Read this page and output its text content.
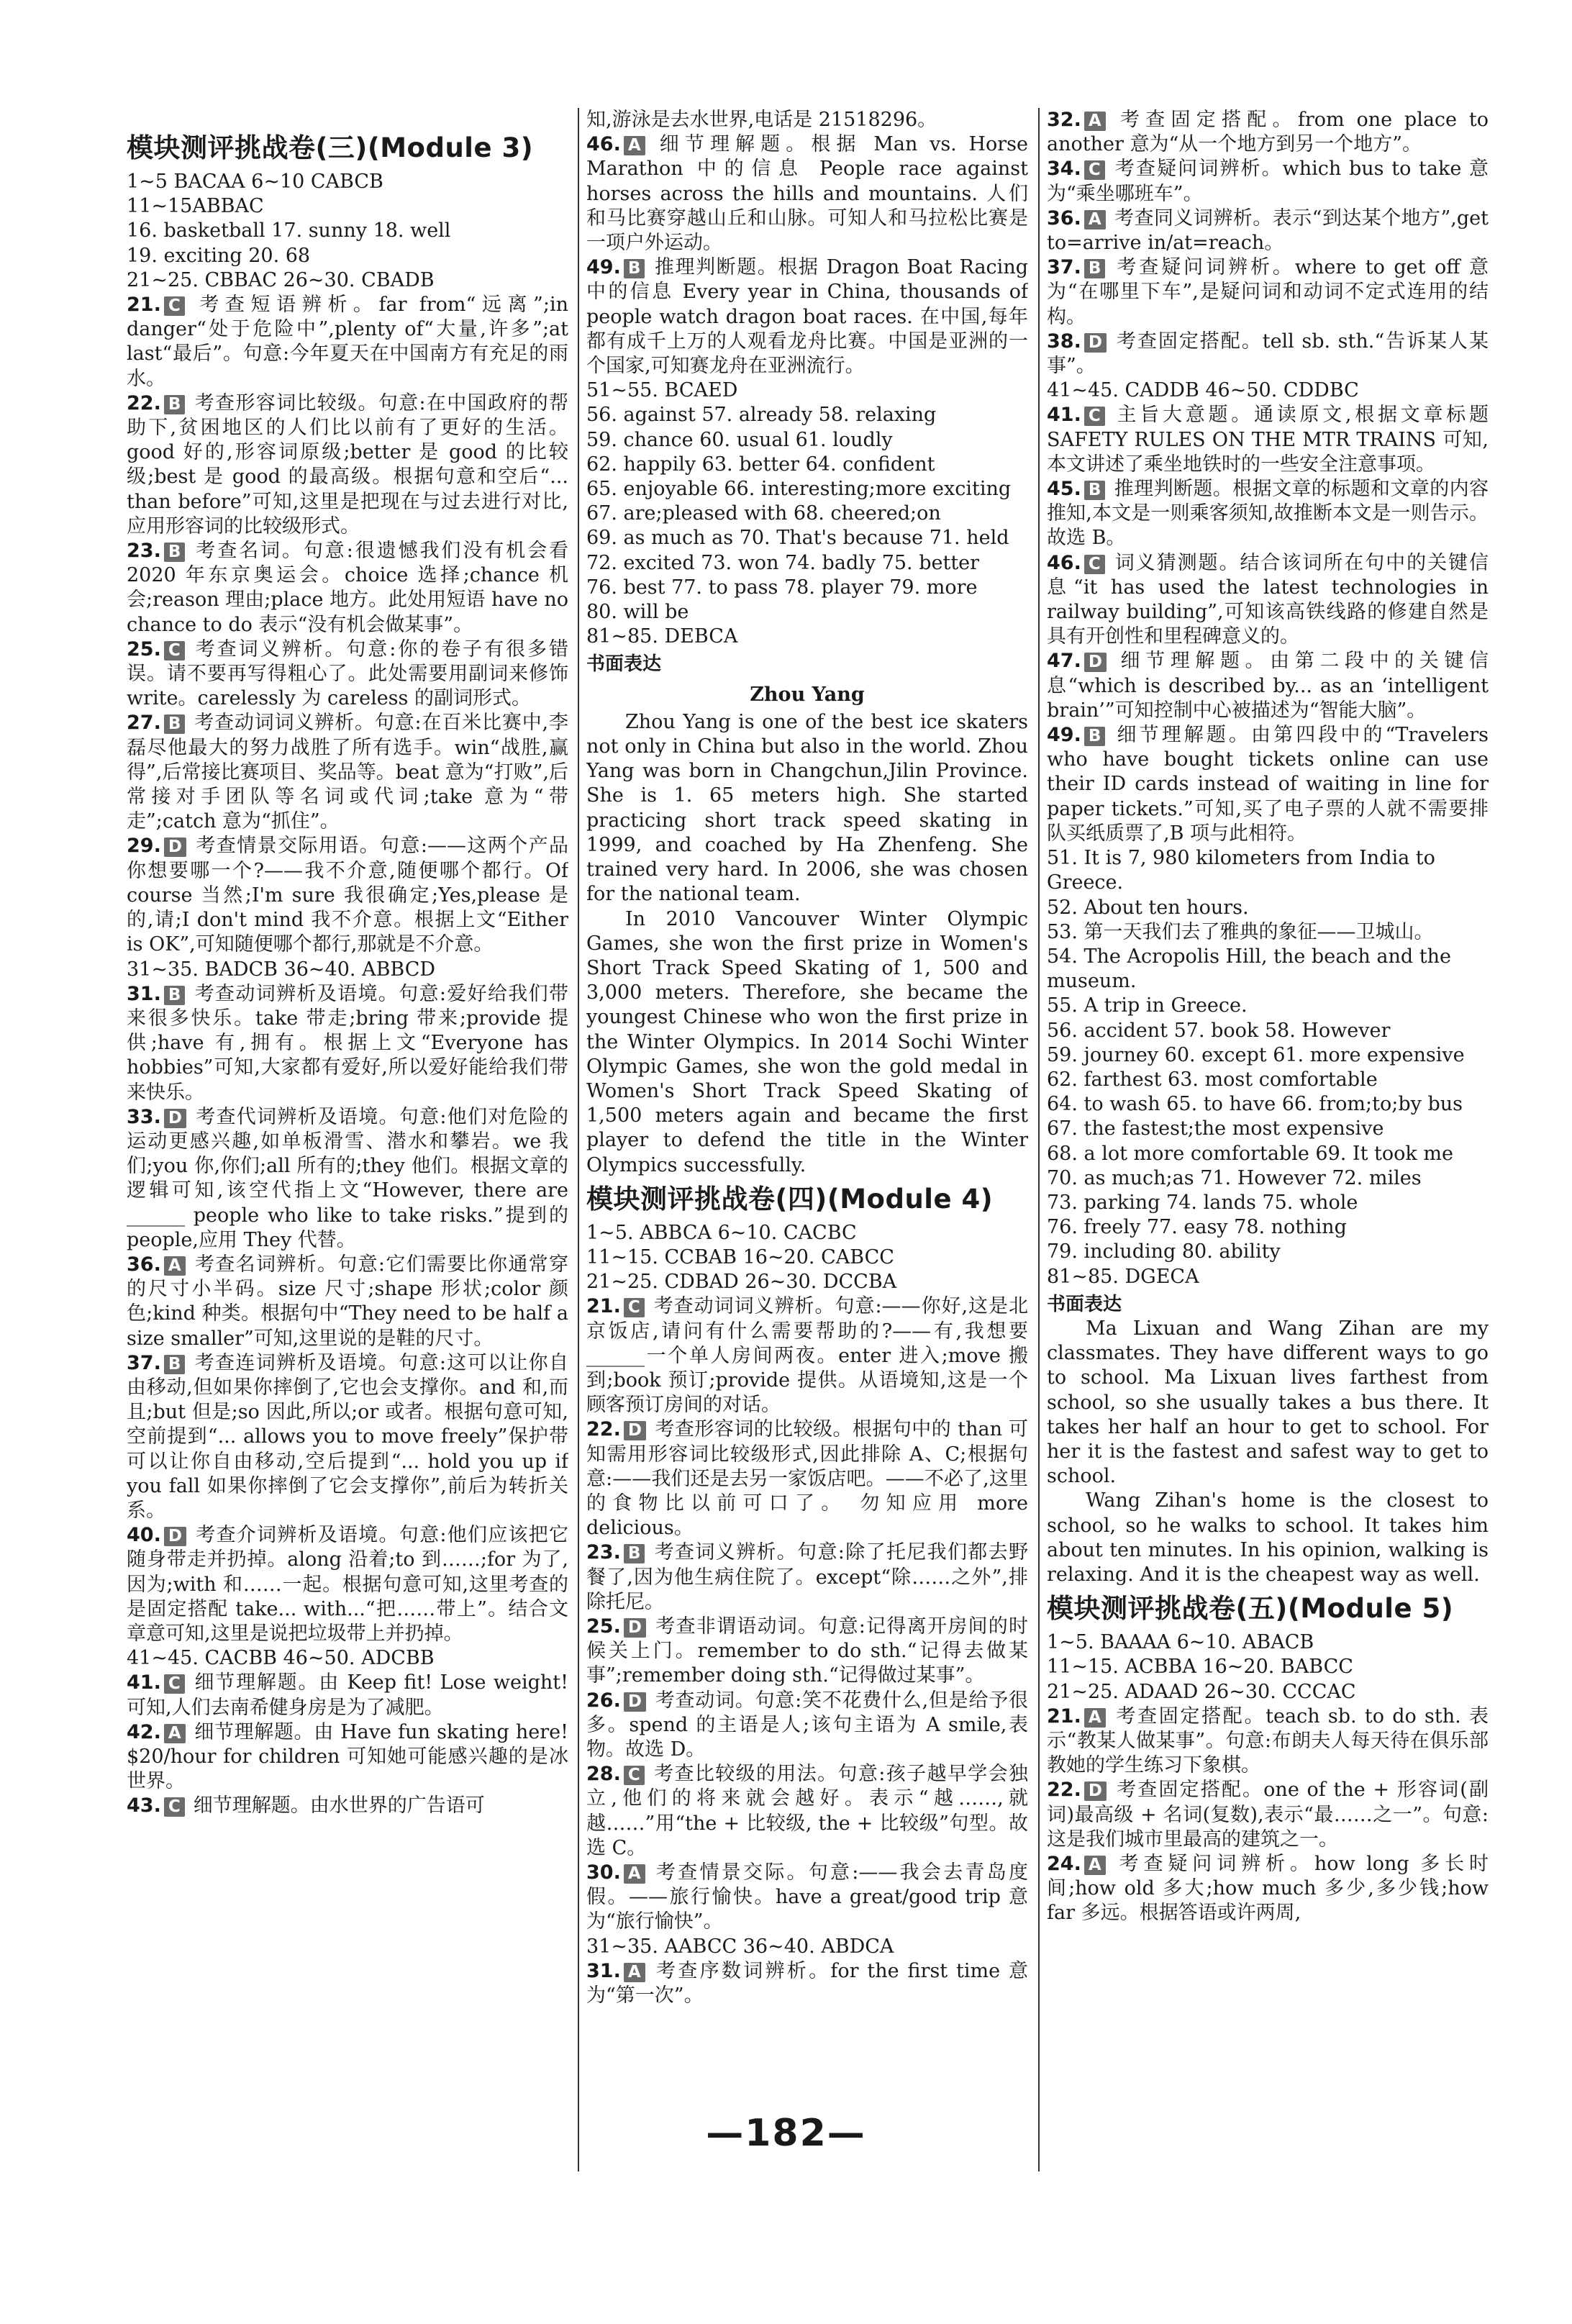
模块测评挑战卷(三)(Module 3)
1~5 BACAA 6~10 CABCB
11~15ABBAC
16. basketball 17. sunny 18. well
19. exciting 20. 68
21~25. CBBAC 26~30. CBADB
21. C 考查短语辨析。far from“远离”;in danger“处于危险中”,plenty of“大量,许多”;at last“最后”。句意:今年夏天在中国南方有充足的雨水。
22. B 考查形容词比较级。句意:在中国政府的帮助下,贫困地区的人们比以前有了更好的生活。good 好的,形容词原级;better 是 good 的比较级;best 是 good 的最高级。根据句意和空后“... than before”可知,这里是把现在与过去进行对比,应用形容词的比较级形式。
23. B 考查名词。句意:很遗憾我们没有机会看 2020 年东京奥运会。choice 选择;chance 机会;reason 理由;place 地方。此处用短语 have no chance to do 表示“没有机会做某事”。
25. C 考查词义辨析。句意:你的卷子有很多错误。请不要再写得粗心了。此处需要用副词来修饰 write。carelessly 为 careless 的副词形式。
27. B 考查动词词义辨析。句意:在百米比赛中,李磊尽他最大的努力战胜了所有选手。win“战胜,赢得”,后常接比赛项目、奖品等。beat 意为“打败”,后常接对手团队等名词或代词;take 意为“带走”;catch 意为“抓住”。
29. D 考查情景交际用语。句意:——这两个产品你想要哪一个?——我不介意,随便哪个都行。Of course 当然;I'm sure 我很确定;Yes,please 是的,请;I don't mind 我不介意。根据上文“Either is OK”,可知随便哪个都行,那就是不介意。
31~35. BADCB 36~40. ABBCD
31. B 考查动词辨析及语境。句意:爱好给我们带来很多快乐。take 带走;bring 带来;provide 提供;have 有,拥有。根据上文“Everyone has hobbies”可知,大家都有爱好,所以爱好能给我们带来快乐。
33. D 考查代词辨析及语境。句意:他们对危险的运动更感兴趣,如单板滑雪、潜水和攀岩。we 我们;you 你,你们;all 所有的;they 他们。根据文章的逻辑可知,该空代指上文“However, there are ______ people who like to take risks.”提到的 people,应用 They 代替。
36. A 考查名词辨析。句意:它们需要比你通常穿的尺寸小半码。size 尺寸;shape 形状;color 颜色;kind 种类。根据句中“They need to be half a size smaller”可知,这里说的是鞋的尺寸。
37. B 考查连词辨析及语境。句意:这可以让你自由移动,但如果你摔倒了,它也会支撑你。and 和,而且;but 但是;so 因此,所以;or 或者。根据句意可知,空前提到“... allows you to move freely”保护带可以让你自由移动,空后提到“... hold you up if you fall 如果你摔倒了它会支撑你”,前后为转折关系。
40. D 考查介词辨析及语境。句意:他们应该把它随身带走并扔掉。along 沿着;to 到……;for 为了,因为;with 和……一起。根据句意可知,这里考查的是固定搭配 take... with...“把……带上”。结合文章意可知,这里是说把垃圾带上并扔掉。
41~45. CACBB 46~50. ADCBB
41. C 细节理解题。由 Keep fit! Lose weight! 可知,人们去南希健身房是为了减肥。
42. A 细节理解题。由 Have fun skating here! $20/hour for children 可知她可能感兴趣的是冰世界。
43. C 细节理解题。由水世界的广告语可
知,游泳是去水世界,电话是 21518296。
46. A 细节理解题。根据 Man vs. Horse Marathon 中的信息 People race against horses across the hills and mountains. 人们和马比赛穿越山丘和山脉。可知人和马拉松比赛是一项户外运动。
49. B 推理判断题。根据 Dragon Boat Racing 中的信息 Every year in China, thousands of people watch dragon boat races. 在中国,每年都有成千上万的人观看龙舟比赛。中国是亚洲的一个国家,可知赛龙舟在亚洲流行。
51~55. BCAED
56. against 57. already 58. relaxing
59. chance 60. usual 61. loudly
62. happily 63. better 64. confident
65. enjoyable 66. interesting;more exciting
67. are;pleased with 68. cheered;on
69. as much as 70. That's because 71. held
72. excited 73. won 74. badly 75. better
76. best 77. to pass 78. player 79. more
80. will be
81~85. DEBCA
书面表达
Zhou Yang
Zhou Yang is one of the best ice skaters not only in China but also in the world. Zhou Yang was born in Changchun,Jilin Province. She is 1. 65 meters high. She started practicing short track speed skating in 1999, and coached by Ha Zhenfeng. She trained very hard. In 2006, she was chosen for the national team.
In 2010 Vancouver Winter Olympic Games, she won the first prize in Women's Short Track Speed Skating of 1, 500 and 3,000 meters. Therefore, she became the youngest Chinese who won the first prize in the Winter Olympics. In 2014 Sochi Winter Olympic Games, she won the gold medal in Women's Short Track Speed Skating of 1,500 meters again and became the first player to defend the title in the Winter Olympics successfully.
模块测评挑战卷(四)(Module 4)
1~5. ABBCA 6~10. CACBC
11~15. CCBAB 16~20. CABCC
21~25. CDBAD 26~30. DCCBA
21. C 考查动词词义辨析。句意:——你好,这是北京饭店,请问有什么需要帮助的?——有,我想要______一个单人房间两夜。enter 进入;move 搬到;book 预订;provide 提供。从语境知,这是一个顾客预订房间的对话。
22. D 考查形容词的比较级。根据句中的 than 可知需用形容词比较级形式,因此排除 A、C;根据句意:——我们还是去另一家饭店吧。——不必了,这里的食物比以前可口了。 勿知应用 more delicious。
23. B 考查词义辨析。句意:除了托尼我们都去野餐了,因为他生病住院了。except“除……之外”,排除托尼。
25. D 考查非谓语动词。句意:记得离开房间的时候关上门。remember to do sth.“记得去做某事”;remember doing sth.“记得做过某事”。
26. D 考查动词。句意:笑不花费什么,但是给予很多。spend 的主语是人;该句主语为 A smile,表物。故选 D。
28. C 考查比较级的用法。句意:孩子越早学会独立,他们的将来就会越好。表示“越……,就越……”用“the + 比较级, the + 比较级”句型。故选 C。
30. A 考查情景交际。句意:——我会去青岛度假。——旅行愉快。have a great/good trip 意为“旅行愉快”。
31~35. AABCC 36~40. ABDCA
31. A 考查序数词辨析。for the first time 意为“第一次”。
32. A 考查固定搭配。from one place to another 意为“从一个地方到另一个地方”。
34. C 考查疑问词辨析。which bus to take 意为“乘坐哪班车”。
36. A 考查同义词辨析。表示“到达某个地方”,get to=arrive in/at=reach。
37. B 考查疑问词辨析。where to get off 意为“在哪里下车”,是疑问词和动词不定式连用的结构。
38. D 考查固定搭配。tell sb. sth.“告诉某人某事”。
41~45. CADDB 46~50. CDDBC
41. C 主旨大意题。通读原文,根据文章标题 SAFETY RULES ON THE MTR TRAINS 可知,本文讲述了乘坐地铁时的一些安全注意事项。
45. B 推理判断题。根据文章的标题和文章的内容推知,本文是一则乘客须知,故推断本文是一则告示。故选 B。
46. C 词义猜测题。结合该词所在句中的关键信息“it has used the latest technologies in railway building”,可知该高铁线路的修建自然是具有开创性和里程碑意义的。
47. D 细节理解题。由第二段中的关键信息“which is described by... as an ‘intelligent brain’”可知控制中心被描述为“智能大脑”。
49. B 细节理解题。由第四段中的“Travelers who have bought tickets online can use their ID cards instead of waiting in line for paper tickets.”可知,买了电子票的人就不需要排队买纸质票了,B 项与此相符。
51. It is 7, 980 kilometers from India to Greece.
52. About ten hours.
53. 第一天我们去了雅典的象征——卫城山。
54. The Acropolis Hill, the beach and the museum.
55. A trip in Greece.
56. accident 57. book 58. However
59. journey 60. except 61. more expensive
62. farthest 63. most comfortable
64. to wash 65. to have 66. from;to;by bus 67. the fastest;the most expensive
68. a lot more comfortable 69. It took me
70. as much;as 71. However 72. miles
73. parking 74. lands 75. whole
76. freely 77. easy 78. nothing
79. including 80. ability
81~85. DGECA
书面表达
Ma Lixuan and Wang Zihan are my classmates. They have different ways to go to school. Ma Lixuan lives farthest from school, so she usually takes a bus there. It takes her half an hour to get to school. For her it is the fastest and safest way to get to school.
Wang Zihan's home is the closest to school, so he walks to school. It takes him about ten minutes. In his opinion, walking is relaxing. And it is the cheapest way as well.
模块测评挑战卷(五)(Module 5)
1~5. BAAAA 6~10. ABACB
11~15. ACBBA 16~20. BABCC
21~25. ADAAD 26~30. CCCAC
21. A 考查固定搭配。teach sb. to do sth. 表示“教某人做某事”。句意:布朗夫人每天待在俱乐部教她的学生练习下象棋。
22. D 考查固定搭配。one of the + 形容词(副词)最高级 + 名词(复数),表示“最……之一”。句意:这是我们城市里最高的建筑之一。
24. A 考查疑问词辨析。how long 多长时间;how old 多大;how much 多少,多少钱;how far 多远。根据答语或许两周,
—182—
